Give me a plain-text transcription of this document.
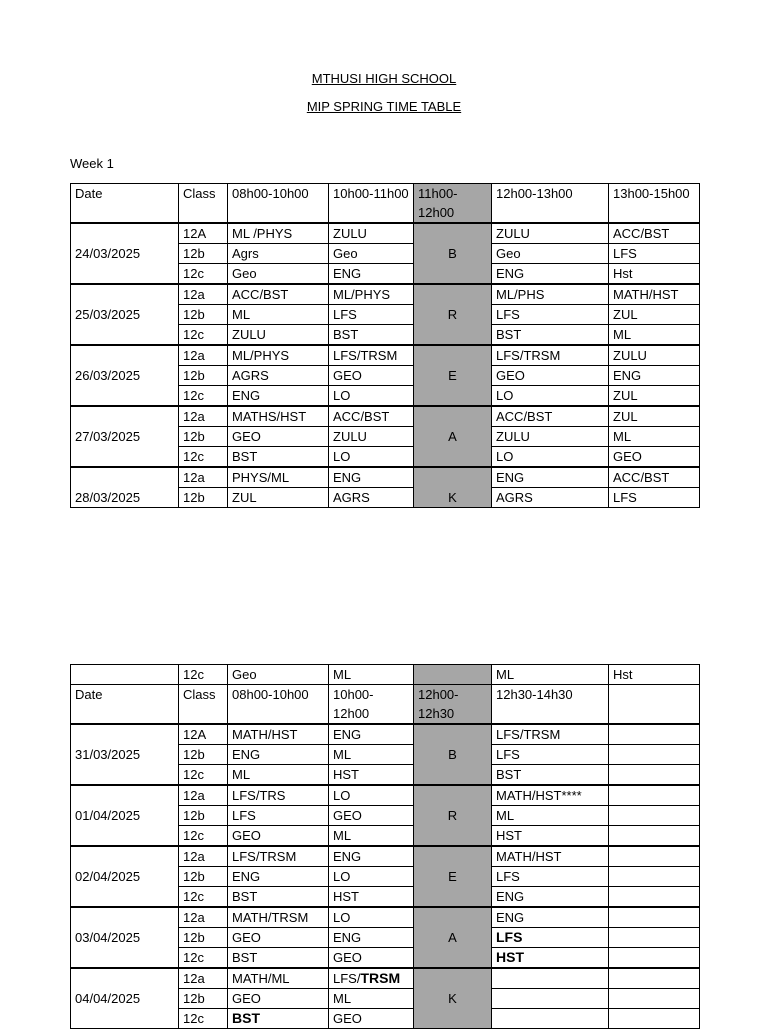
MTHUSI HIGH SCHOOL
MIP SPRING TIME TABLE
Week 1
Date	Class	08h00-10h00	10h00-11h00	11h00-12h00	12h00-13h00	13h00-15h00
24/03/2025	12A	ML /PHYS	ZULU	B	ZULU	ACC/BST
	12b	Agrs	Geo		Geo	LFS
	12c	Geo	ENG		ENG	Hst
25/03/2025	12a	ACC/BST	ML/PHYS	R	ML/PHS	MATH/HST
	12b	ML	LFS		LFS	ZUL
	12c	ZULU	BST		BST	ML
26/03/2025	12a	ML/PHYS	LFS/TRSM	E	LFS/TRSM	ZULU
	12b	AGRS	GEO		GEO	ENG
	12c	ENG	LO		LO	ZUL
27/03/2025	12a	MATHS/HST	ACC/BST	A	ACC/BST	ZUL
	12b	GEO	ZULU		ZULU	ML
	12c	BST	LO		LO	GEO
28/03/2025	12a	PHYS/ML	ENG	K	ENG	ACC/BST
	12b	ZUL	AGRS		AGRS	LFS
	12c	Geo	ML		ML	Hst
Date	Class	08h00-10h00	10h00-12h00	12h00-12h30	12h30-14h30	
31/03/2025	12A	MATH/HST	ENG	B	LFS/TRSM	
	12b	ENG	ML		LFS	
	12c	ML	HST		BST	
01/04/2025	12a	LFS/TRS	LO	R	MATH/HST****	
	12b	LFS	GEO		ML	
	12c	GEO	ML		HST	
02/04/2025	12a	LFS/TRSM	ENG	E	MATH/HST	
	12b	ENG	LO		LFS	
	12c	BST	HST		ENG	
03/04/2025	12a	MATH/TRSM	LO	A	ENG	
	12b	GEO	ENG		LFS	
	12c	BST	GEO		HST	
04/04/2025	12a	MATH/ML	LFS/TRSM	K		
	12b	GEO	ML			
	12c	BST	GEO			
